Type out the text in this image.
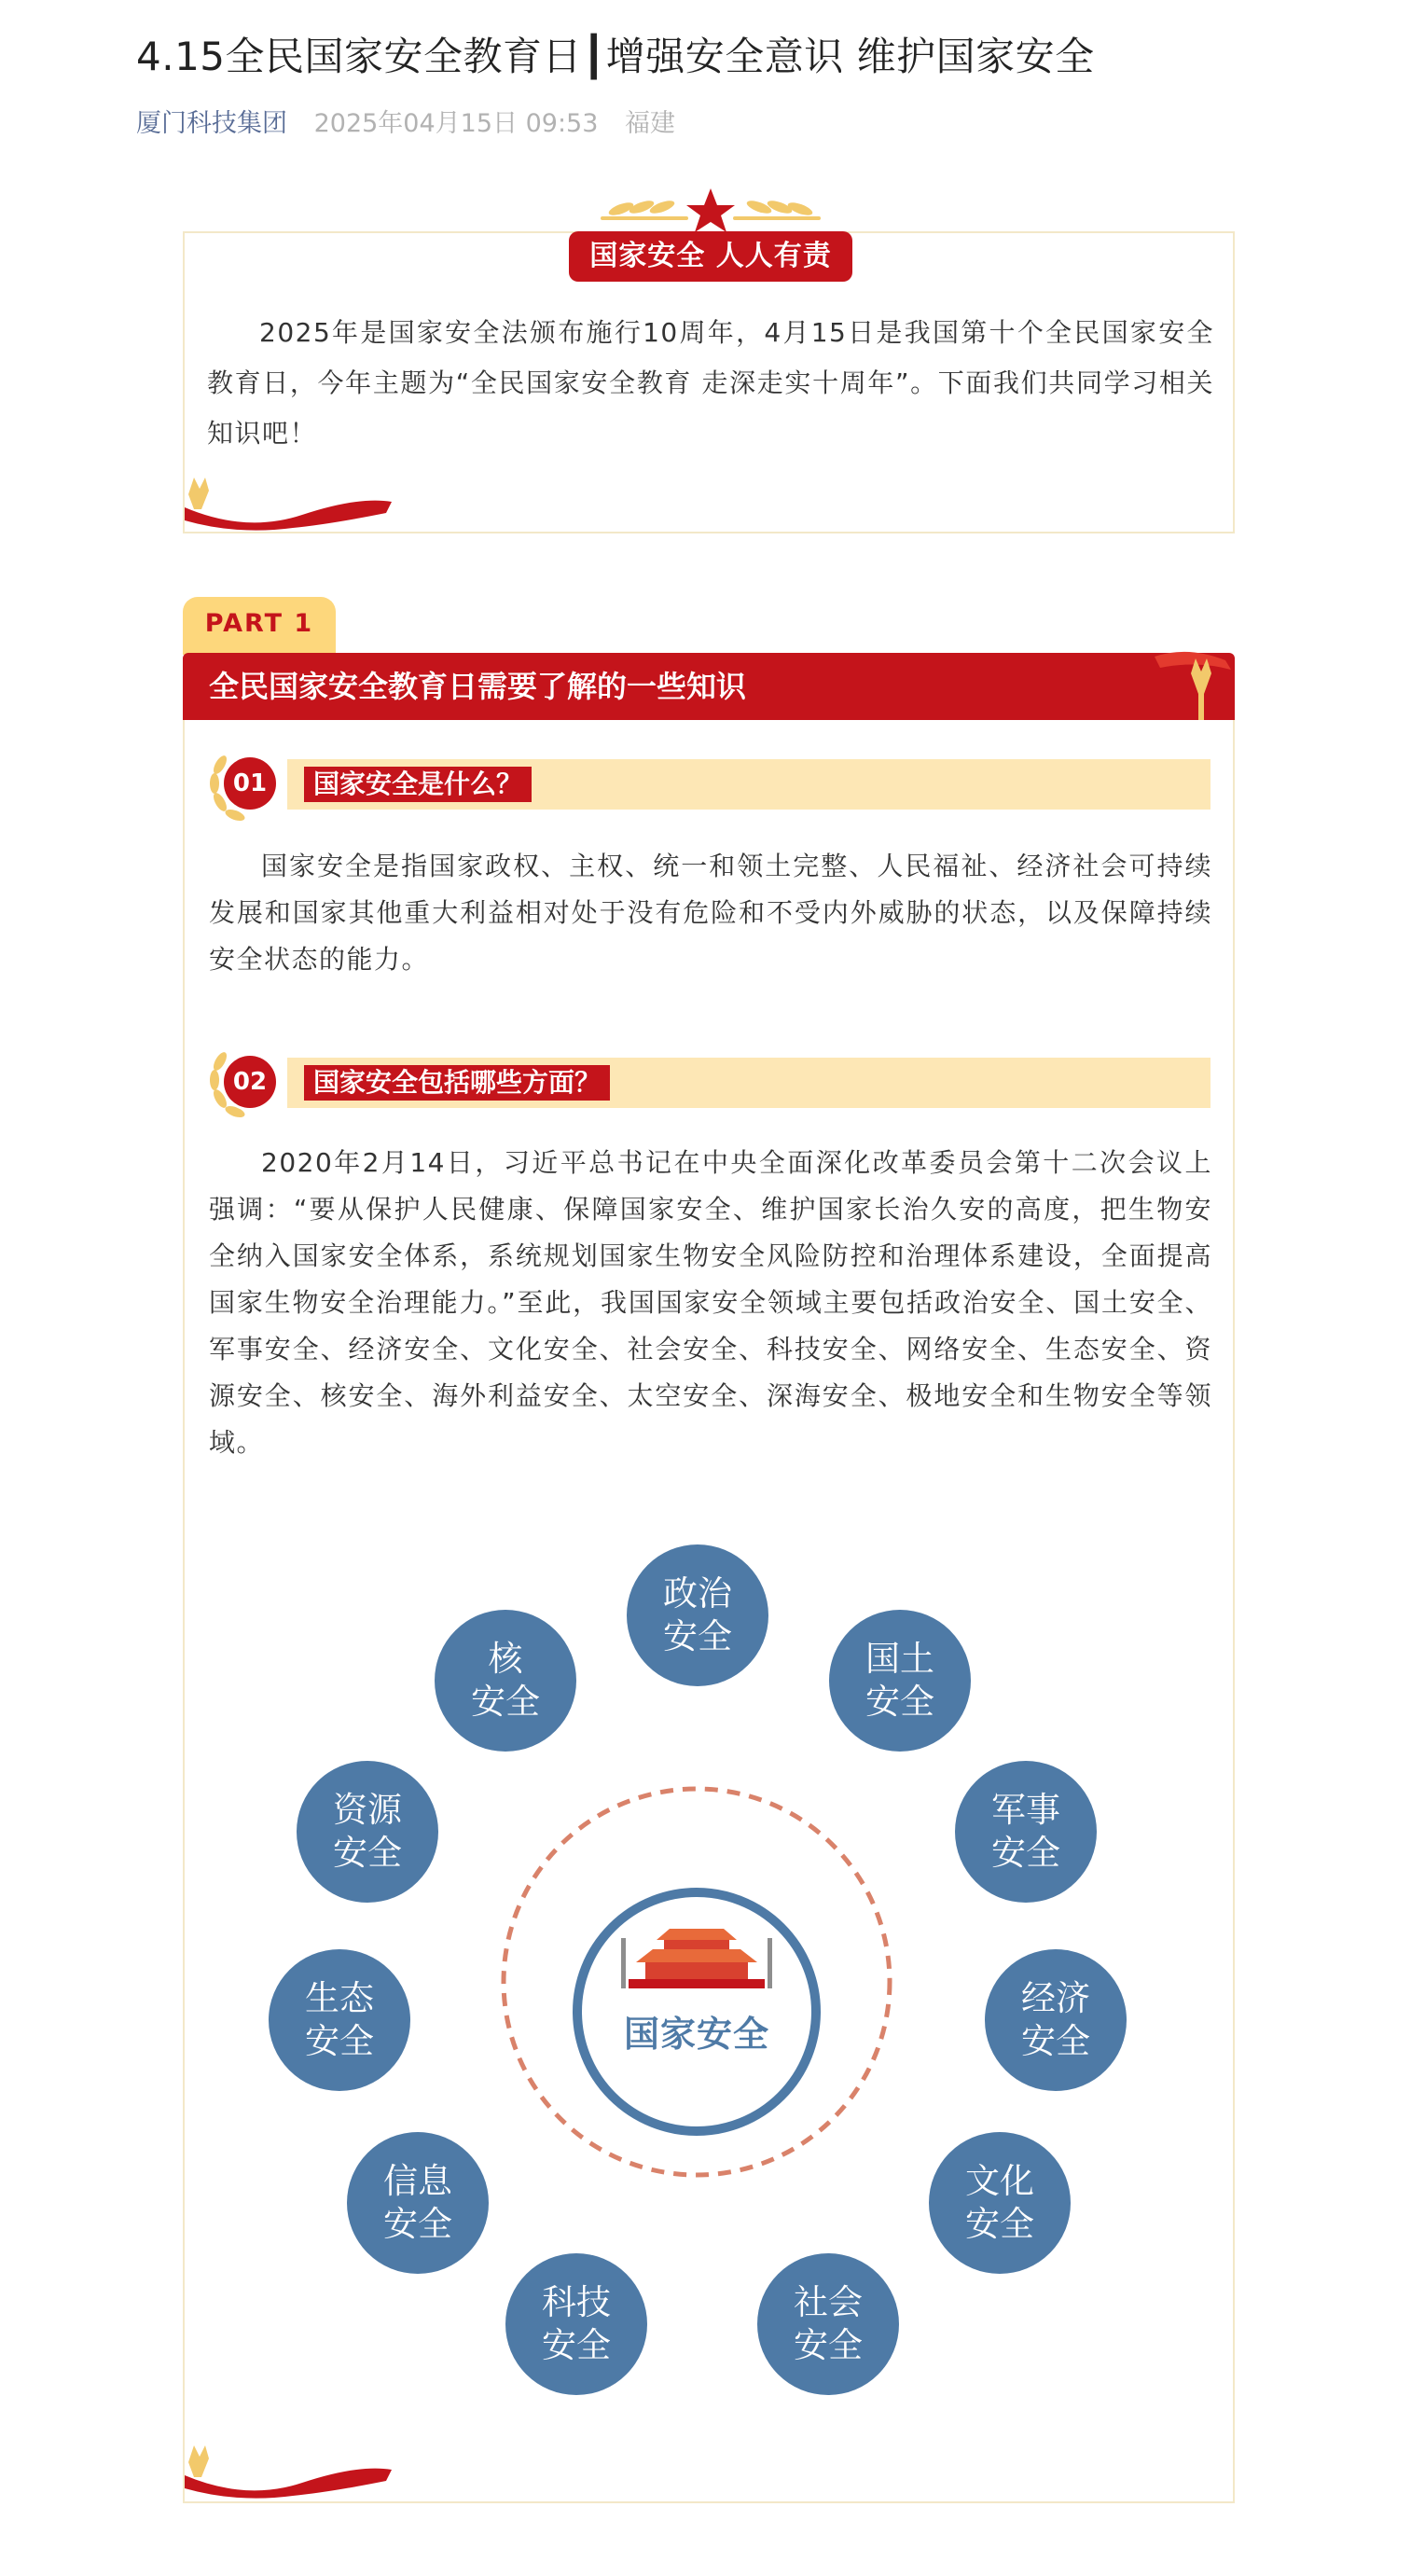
4.15全民国家安全教育日┃增强安全意识 维护国家安全
厦门科技集团 2025年04月15日 09:53 福建
国家安全 人人有责
2025年是国家安全法颁布施行10周年，4月15日是我国第十个全民国家安全教育日，今年主题为“全民国家安全教育 走深走实十周年”。下面我们共同学习相关知识吧！
PART 1
全民国家安全教育日需要了解的一些知识
01	国家安全是什么？
国家安全是指国家政权、主权、统一和领土完整、人民福祉、经济社会可持续发展和国家其他重大利益相对处于没有危险和不受内外威胁的状态，以及保障持续安全状态的能力。
02	国家安全包括哪些方面？
2020年2月14日，习近平总书记在中央全面深化改革委员会第十二次会议上强调：“要从保护人民健康、保障国家安全、维护国家长治久安的高度，把生物安全纳入国家安全体系，系统规划国家生物安全风险防控和治理体系建设，全面提高国家生物安全治理能力。”至此，我国国家安全领域主要包括政治安全、国土安全、军事安全、经济安全、文化安全、社会安全、科技安全、网络安全、生态安全、资源安全、核安全、海外利益安全、太空安全、深海安全、极地安全和生物安全等领域。
国家安全
政治
安全
国土
安全
军事
安全
经济
安全
文化
安全
社会
安全
科技
安全
信息
安全
生态
安全
资源
安全
核
安全
